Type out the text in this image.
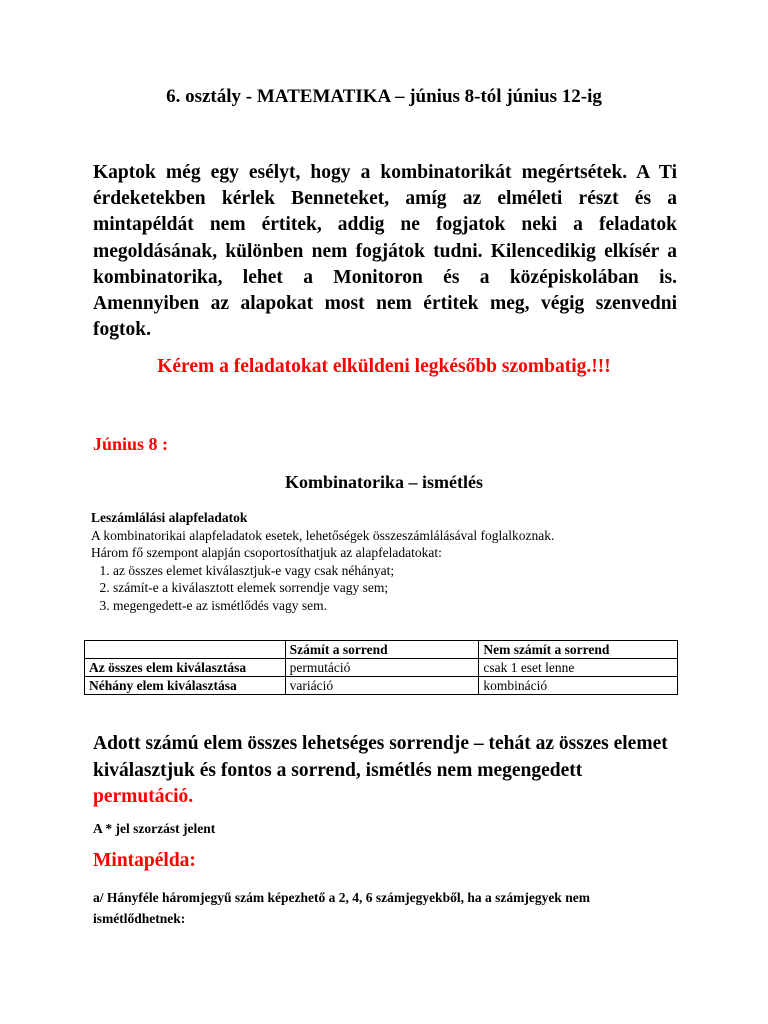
6. osztály - MATEMATIKA – június 8-tól június 12-ig

Kaptok még egy esélyt, hogy a kombinatorikát megértsétek. A Ti érdeketekben kérlek Benneteket, amíg az elméleti részt és a mintapéldát nem értitek, addig ne fogjatok neki a feladatok megoldásának, különben nem fogjátok tudni. Kilencedikig elkísér a kombinatorika, lehet a Monitoron és a középiskolában is. Amennyiben az alapokat most nem értitek meg, végig szenvedni fogtok.

Kérem a feladatokat elküldeni legkésőbb szombatig.!!!
Június 8 :
Kombinatorika – ismétlés
Leszámlálási alapfeladatok
A kombinatorikai alapfeladatok esetek, lehetőségek összeszámlálásával foglalkoznak.
Három fő szempont alapján csoportosíthatjuk az alapfeladatokat:
1. az összes elemet kiválasztjuk-e vagy csak néhányat;
2. számít-e a kiválasztott elemek sorrendje vagy sem;
3. megengedett-e az ismétlődés vagy sem.
	Számít a sorrend	Nem számít a sorrend
Az összes elem kiválasztása	permutáció	csak 1 eset lenne
Néhány elem kiválasztása	variáció	kombináció
Adott számú elem összes lehetséges sorrendje – tehát az összes elemet kiválasztjuk és fontos a sorrend, ismétlés nem megengedett
permutáció.
A * jel szorzást jelent
Mintapélda:
a/ Hányféle háromjegyű szám képezhető a 2, 4, 6 számjegyekből, ha a számjegyek nem ismétlődhetnek:
